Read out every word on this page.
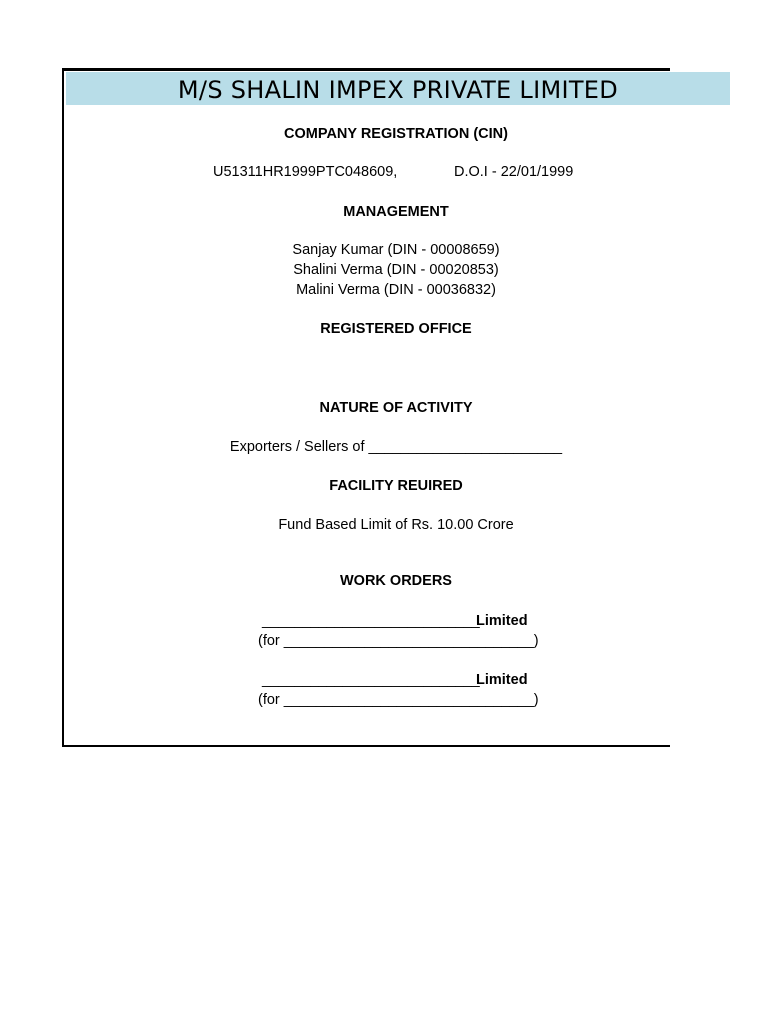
M/S SHALIN IMPEX PRIVATE LIMITED
COMPANY REGISTRATION (CIN)
U51311HR1999PTC048609,	D.O.I - 22/01/1999
MANAGEMENT
Sanjay Kumar (DIN - 00008659)
Shalini Verma (DIN - 00020853)
Malini Verma (DIN - 00036832)
REGISTERED OFFICE
NATURE OF ACTIVITY
Exporters / Sellers of ________________________
FACILITY REUIRED
Fund Based Limit of Rs. 10.00 Crore
WORK ORDERS
___________________________
Limited
(for _______________________________)
___________________________
Limited
(for _______________________________)
